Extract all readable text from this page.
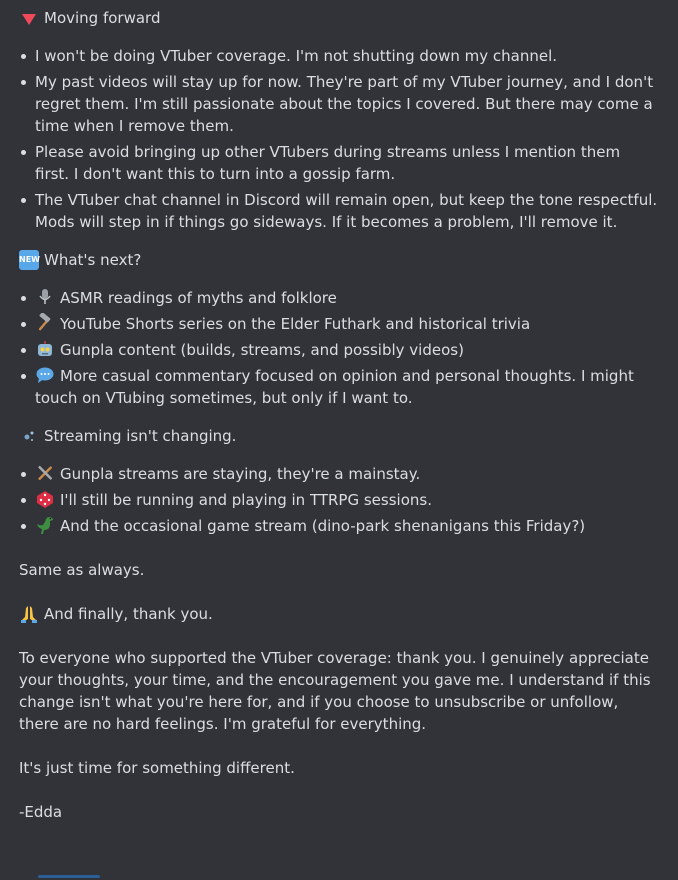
Moving forward
I won't be doing VTuber coverage. I'm not shutting down my channel.
My past videos will stay up for now. They're part of my VTuber journey, and I don't regret them. I'm still passionate about the topics I covered. But there may come a time when I remove them.
Please avoid bringing up other VTubers during streams unless I mention them first. I don't want this to turn into a gossip farm.
The VTuber chat channel in Discord will remain open, but keep the tone respectful. Mods will step in if things go sideways. If it becomes a problem, I'll remove it.
NEW What's next?
ASMR readings of myths and folklore
YouTube Shorts series on the Elder Futhark and historical trivia
Gunpla content (builds, streams, and possibly videos)
More casual commentary focused on opinion and personal thoughts. I might touch on VTubing sometimes, but only if I want to.
Streaming isn't changing.
Gunpla streams are staying, they're a mainstay.
I'll still be running and playing in TTRPG sessions.
And the occasional game stream (dino-park shenanigans this Friday?)

Same as always.

And finally, thank you.

To everyone who supported the VTuber coverage: thank you. I genuinely appreciate your thoughts, your time, and the encouragement you gave me. I understand if this change isn't what you're here for, and if you choose to unsubscribe or unfollow, there are no hard feelings. I'm grateful for everything.

It's just time for something different.

-Edda
